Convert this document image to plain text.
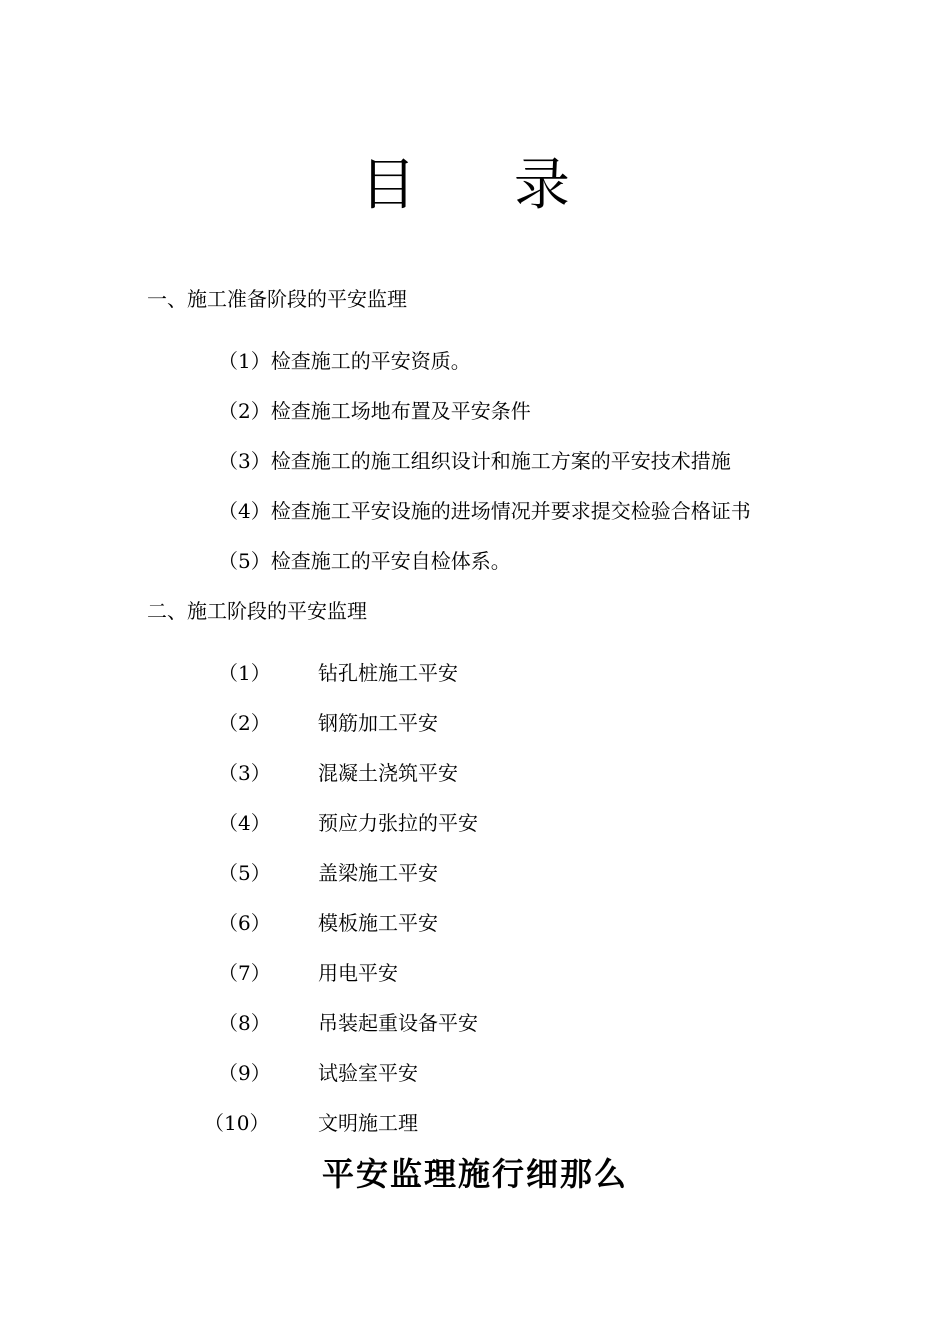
目 录
一、施工准备阶段的平安监理
（1）检查施工的平安资质。
（2）检查施工场地布置及平安条件
（3）检查施工的施工组织设计和施工方案的平安技术措施
（4）检查施工平安设施的进场情况并要求提交检验合格证书
（5）检查施工的平安自检体系。
二、施工阶段的平安监理
（1） 钻孔桩施工平安
（2） 钢筋加工平安
（3） 混凝土浇筑平安
（4） 预应力张拉的平安
（5） 盖梁施工平安
（6） 模板施工平安
（7） 用电平安
（8） 吊装起重设备平安
（9） 试验室平安
（10） 文明施工理
平安监理施行细那么
